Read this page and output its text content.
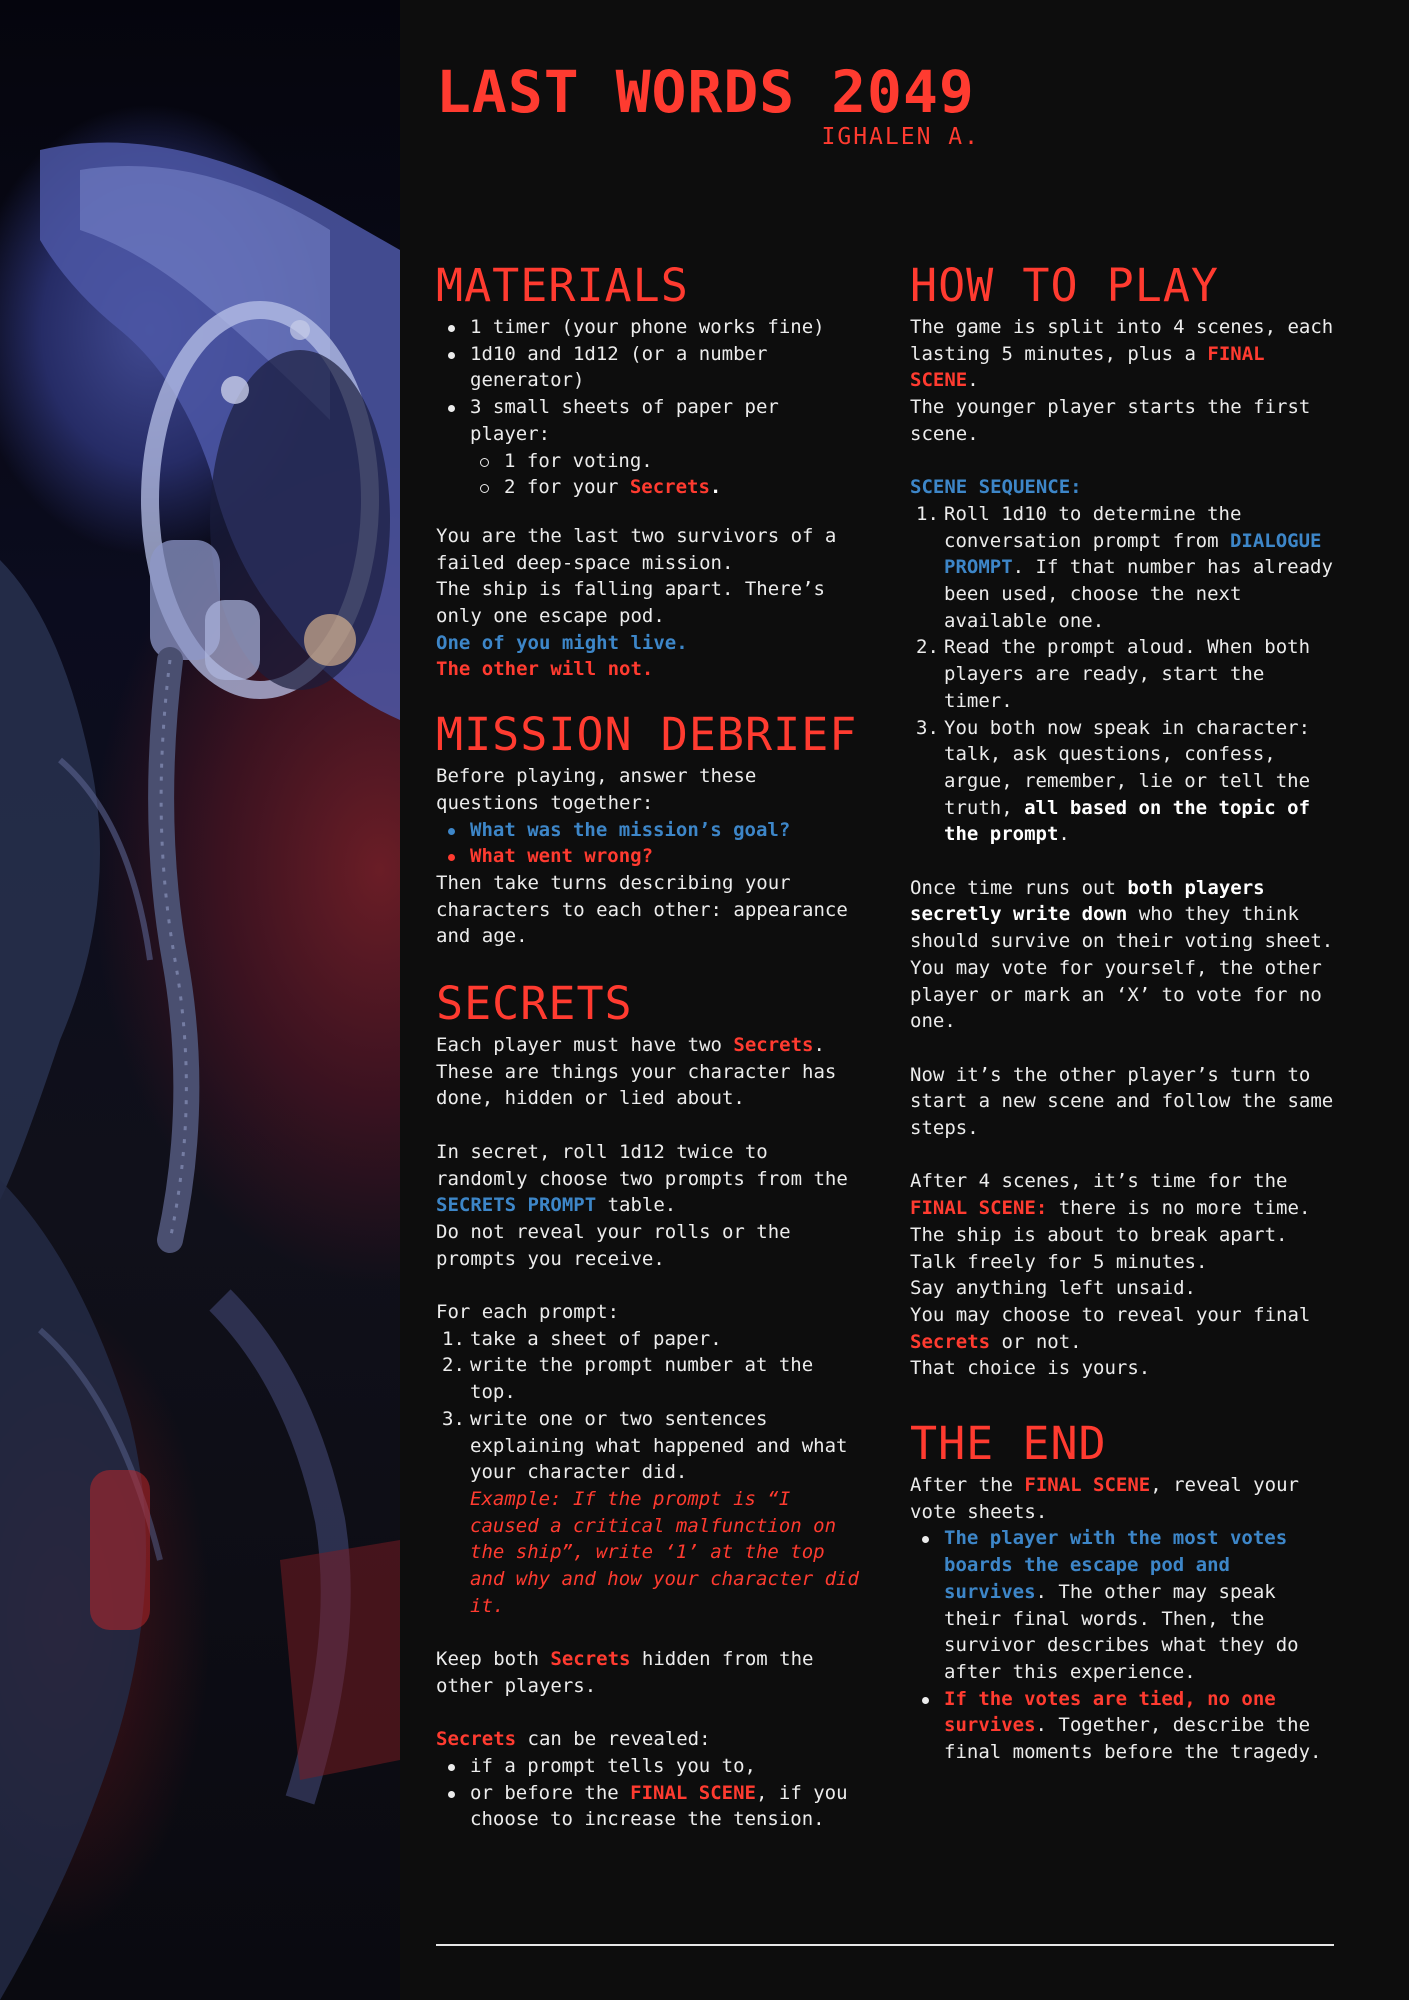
LAST WORDS 2049
IGHALEN A.
MATERIALS
1 timer (your phone works fine)
1d10 and 1d12 (or a number generator)
3 small sheets of paper per player:
1 for voting.
2 for your Secrets.

You are the last two survivors of a failed deep-space mission.

The ship is falling apart. There’s only one escape pod.

One of you might live.

The other will not.

MISSION DEBRIEF

Before playing, answer these questions together:

What was the mission’s goal?
What went wrong?

Then take turns describing your characters to each other: appearance and age.

SECRETS

Each player must have two Secrets.

These are things your character has done, hidden or lied about.

In secret, roll 1d12 twice to randomly choose two prompts from the SECRETS PROMPT table.

Do not reveal your rolls or the prompts you receive.

For each prompt:

1. take a sheet of paper.
2. write the prompt number at the top.
3. write one or two sentences explaining what happened and what your character did.

Example: If the prompt is “I caused a critical malfunction on the ship”, write ‘1’ at the top and why and how your character did it.

Keep both Secrets hidden from the other players.

Secrets can be revealed:

if a prompt tells you to,
or before the FINAL SCENE, if you choose to increase the tension.
HOW TO PLAY

The game is split into 4 scenes, each lasting 5 minutes, plus a FINAL SCENE.

The younger player starts the first scene.

SCENE SEQUENCE:

1. Roll 1d10 to determine the conversation prompt from DIALOGUE PROMPT. If that number has already been used, choose the next available one.
2. Read the prompt aloud. When both players are ready, start the timer.
3. You both now speak in character: talk, ask questions, confess, argue, remember, lie or tell the truth, all based on the topic of the prompt.

Once time runs out both players secretly write down who they think should survive on their voting sheet.

You may vote for yourself, the other player or mark an ‘X’ to vote for no one.

Now it’s the other player’s turn to start a new scene and follow the same steps.

After 4 scenes, it’s time for the FINAL SCENE: there is no more time.

The ship is about to break apart.

Talk freely for 5 minutes.

Say anything left unsaid.

You may choose to reveal your final Secrets or not.

That choice is yours.

THE END

After the FINAL SCENE, reveal your vote sheets.

The player with the most votes boards the escape pod and survives. The other may speak their final words. Then, the survivor describes what they do after this experience.
If the votes are tied, no one survives. Together, describe the final moments before the tragedy.
